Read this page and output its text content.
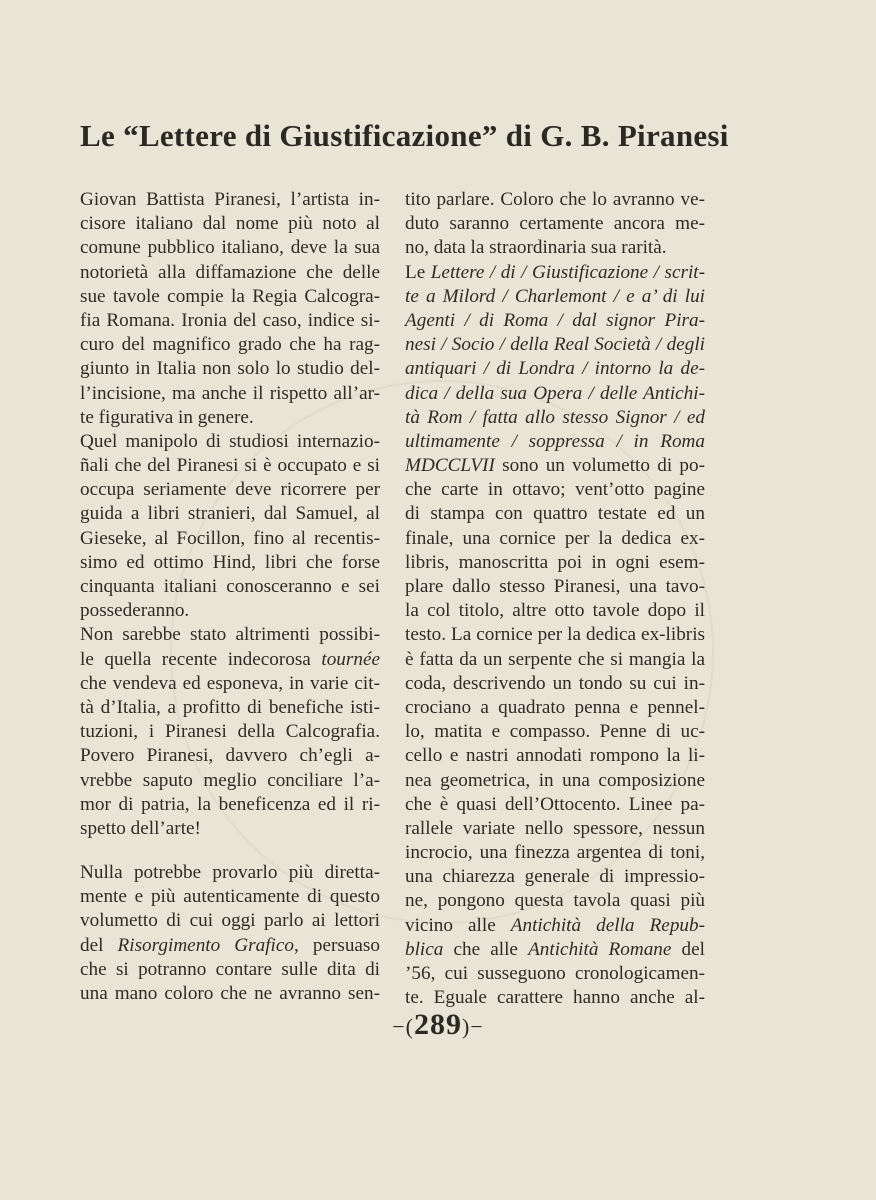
Le “Lettere di Giustificazione” di G. B. Piranesi
Giovan Battista Piranesi, l’artista in-
cisore italiano dal nome più noto al
comune pubblico italiano, deve la sua
notorietà alla diffamazione che delle
sue tavole compie la Regia Calcogra-
fia Romana. Ironia del caso, indice si-
curo del magnifico grado che ha rag-
giunto in Italia non solo lo studio del-
l’incisione, ma anche il rispetto all’ar-
te figurativa in genere.
Quel manipolo di studiosi internazio-
ñali che del Piranesi si è occupato e si
occupa seriamente deve ricorrere per
guida a libri stranieri, dal Samuel, al
Gieseke, al Focillon, fino al recentis-
simo ed ottimo Hind, libri che forse
cinquanta italiani conosceranno e sei
possederanno.
Non sarebbe stato altrimenti possibi-
le quella recente indecorosa tournée
che vendeva ed esponeva, in varie cit-
tà d’Italia, a profitto di benefiche isti-
tuzioni, i Piranesi della Calcografia.
Povero Piranesi, davvero ch’egli a-
vrebbe saputo meglio conciliare l’a-
mor di patria, la beneficenza ed il ri-
spetto dell’arte!
Nulla potrebbe provarlo più diretta-
mente e più autenticamente di questo
volumetto di cui oggi parlo ai lettori
del Risorgimento Grafico, persuaso
che si potranno contare sulle dita di
una mano coloro che ne avranno sen-
tito parlare. Coloro che lo avranno ve-
duto saranno certamente ancora me-
no, data la straordinaria sua rarità.
Le Lettere / di / Giustificazione / scrit-
te a Milord / Charlemont / e a’ di lui
Agenti / di Roma / dal signor Pira-
nesi / Socio / della Real Società / degli
antiquari / di Londra / intorno la de-
dica / della sua Opera / delle Antichi-
tà Rom / fatta allo stesso Signor / ed
ultimamente / soppressa / in Roma
MDCCLVII sono un volumetto di po-
che carte in ottavo; vent’otto pagine
di stampa con quattro testate ed un
finale, una cornice per la dedica ex-
libris, manoscritta poi in ogni esem-
plare dallo stesso Piranesi, una tavo-
la col titolo, altre otto tavole dopo il
testo. La cornice per la dedica ex-libris
è fatta da un serpente che si mangia la
coda, descrivendo un tondo su cui in-
crociano a quadrato penna e pennel-
lo, matita e compasso. Penne di uc-
cello e nastri annodati rompono la li-
nea geometrica, in una composizione
che è quasi dell’Ottocento. Linee pa-
rallele variate nello spessore, nessun
incrocio, una finezza argentea di toni,
una chiarezza generale di impressio-
ne, pongono questa tavola quasi più
vicino alle Antichità della Repub-
blica che alle Antichità Romane del
’56, cui susseguono cronologicamen-
te. Eguale carattere hanno anche al-
−(289)−
